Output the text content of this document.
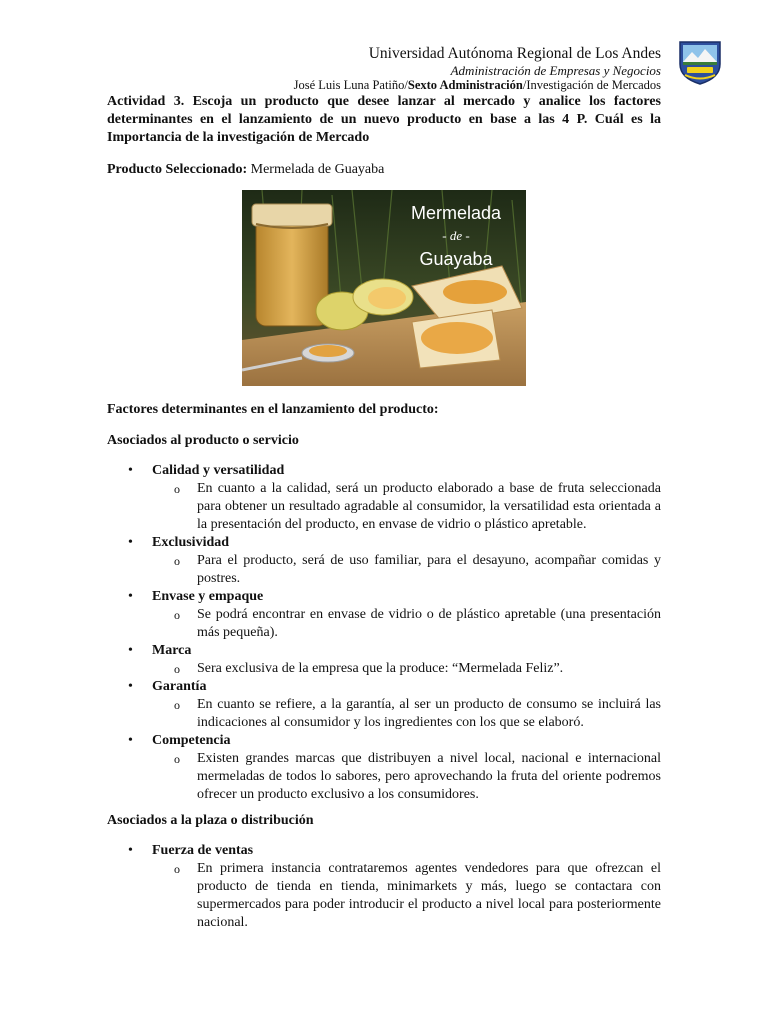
Universidad Autónoma Regional de Los Andes
Administración de Empresas y Negocios
José Luis Luna Patiño/Sexto Administración/Investigación de Mercados
Actividad 3. Escoja un producto que desee lanzar al mercado y analice los factores determinantes en el lanzamiento de un nuevo producto en base a las 4 P. Cuál es la Importancia de la investigación de Mercado
Producto Seleccionado: Mermelada de Guayaba
Mermelada
- de -
Guayaba
Factores determinantes en el lanzamiento del producto:
Asociados al producto o servicio
• Calidad y versatilidad
o En cuanto a la calidad, será un producto elaborado a base de fruta seleccionada para obtener un resultado agradable al consumidor, la versatilidad esta orientada a la presentación del producto, en envase de vidrio o plástico apretable.
• Exclusividad
o Para el producto, será de uso familiar, para el desayuno, acompañar comidas y postres.
• Envase y empaque
o Se podrá encontrar en envase de vidrio o de plástico apretable (una presentación más pequeña).
• Marca
o Sera exclusiva de la empresa que la produce: “Mermelada Feliz”.
• Garantía
o En cuanto se refiere, a la garantía, al ser un producto de consumo se incluirá las indicaciones al consumidor y los ingredientes con los que se elaboró.
• Competencia
o Existen grandes marcas que distribuyen a nivel local, nacional e internacional mermeladas de todos lo sabores, pero aprovechando la fruta del oriente podremos ofrecer un producto exclusivo a los consumidores.
Asociados a la plaza o distribución
• Fuerza de ventas
o En primera instancia contrataremos agentes vendedores para que ofrezcan el producto de tienda en tienda, minimarkets y más, luego se contactara con supermercados para poder introducir el producto a nivel local para posteriormente nacional.
